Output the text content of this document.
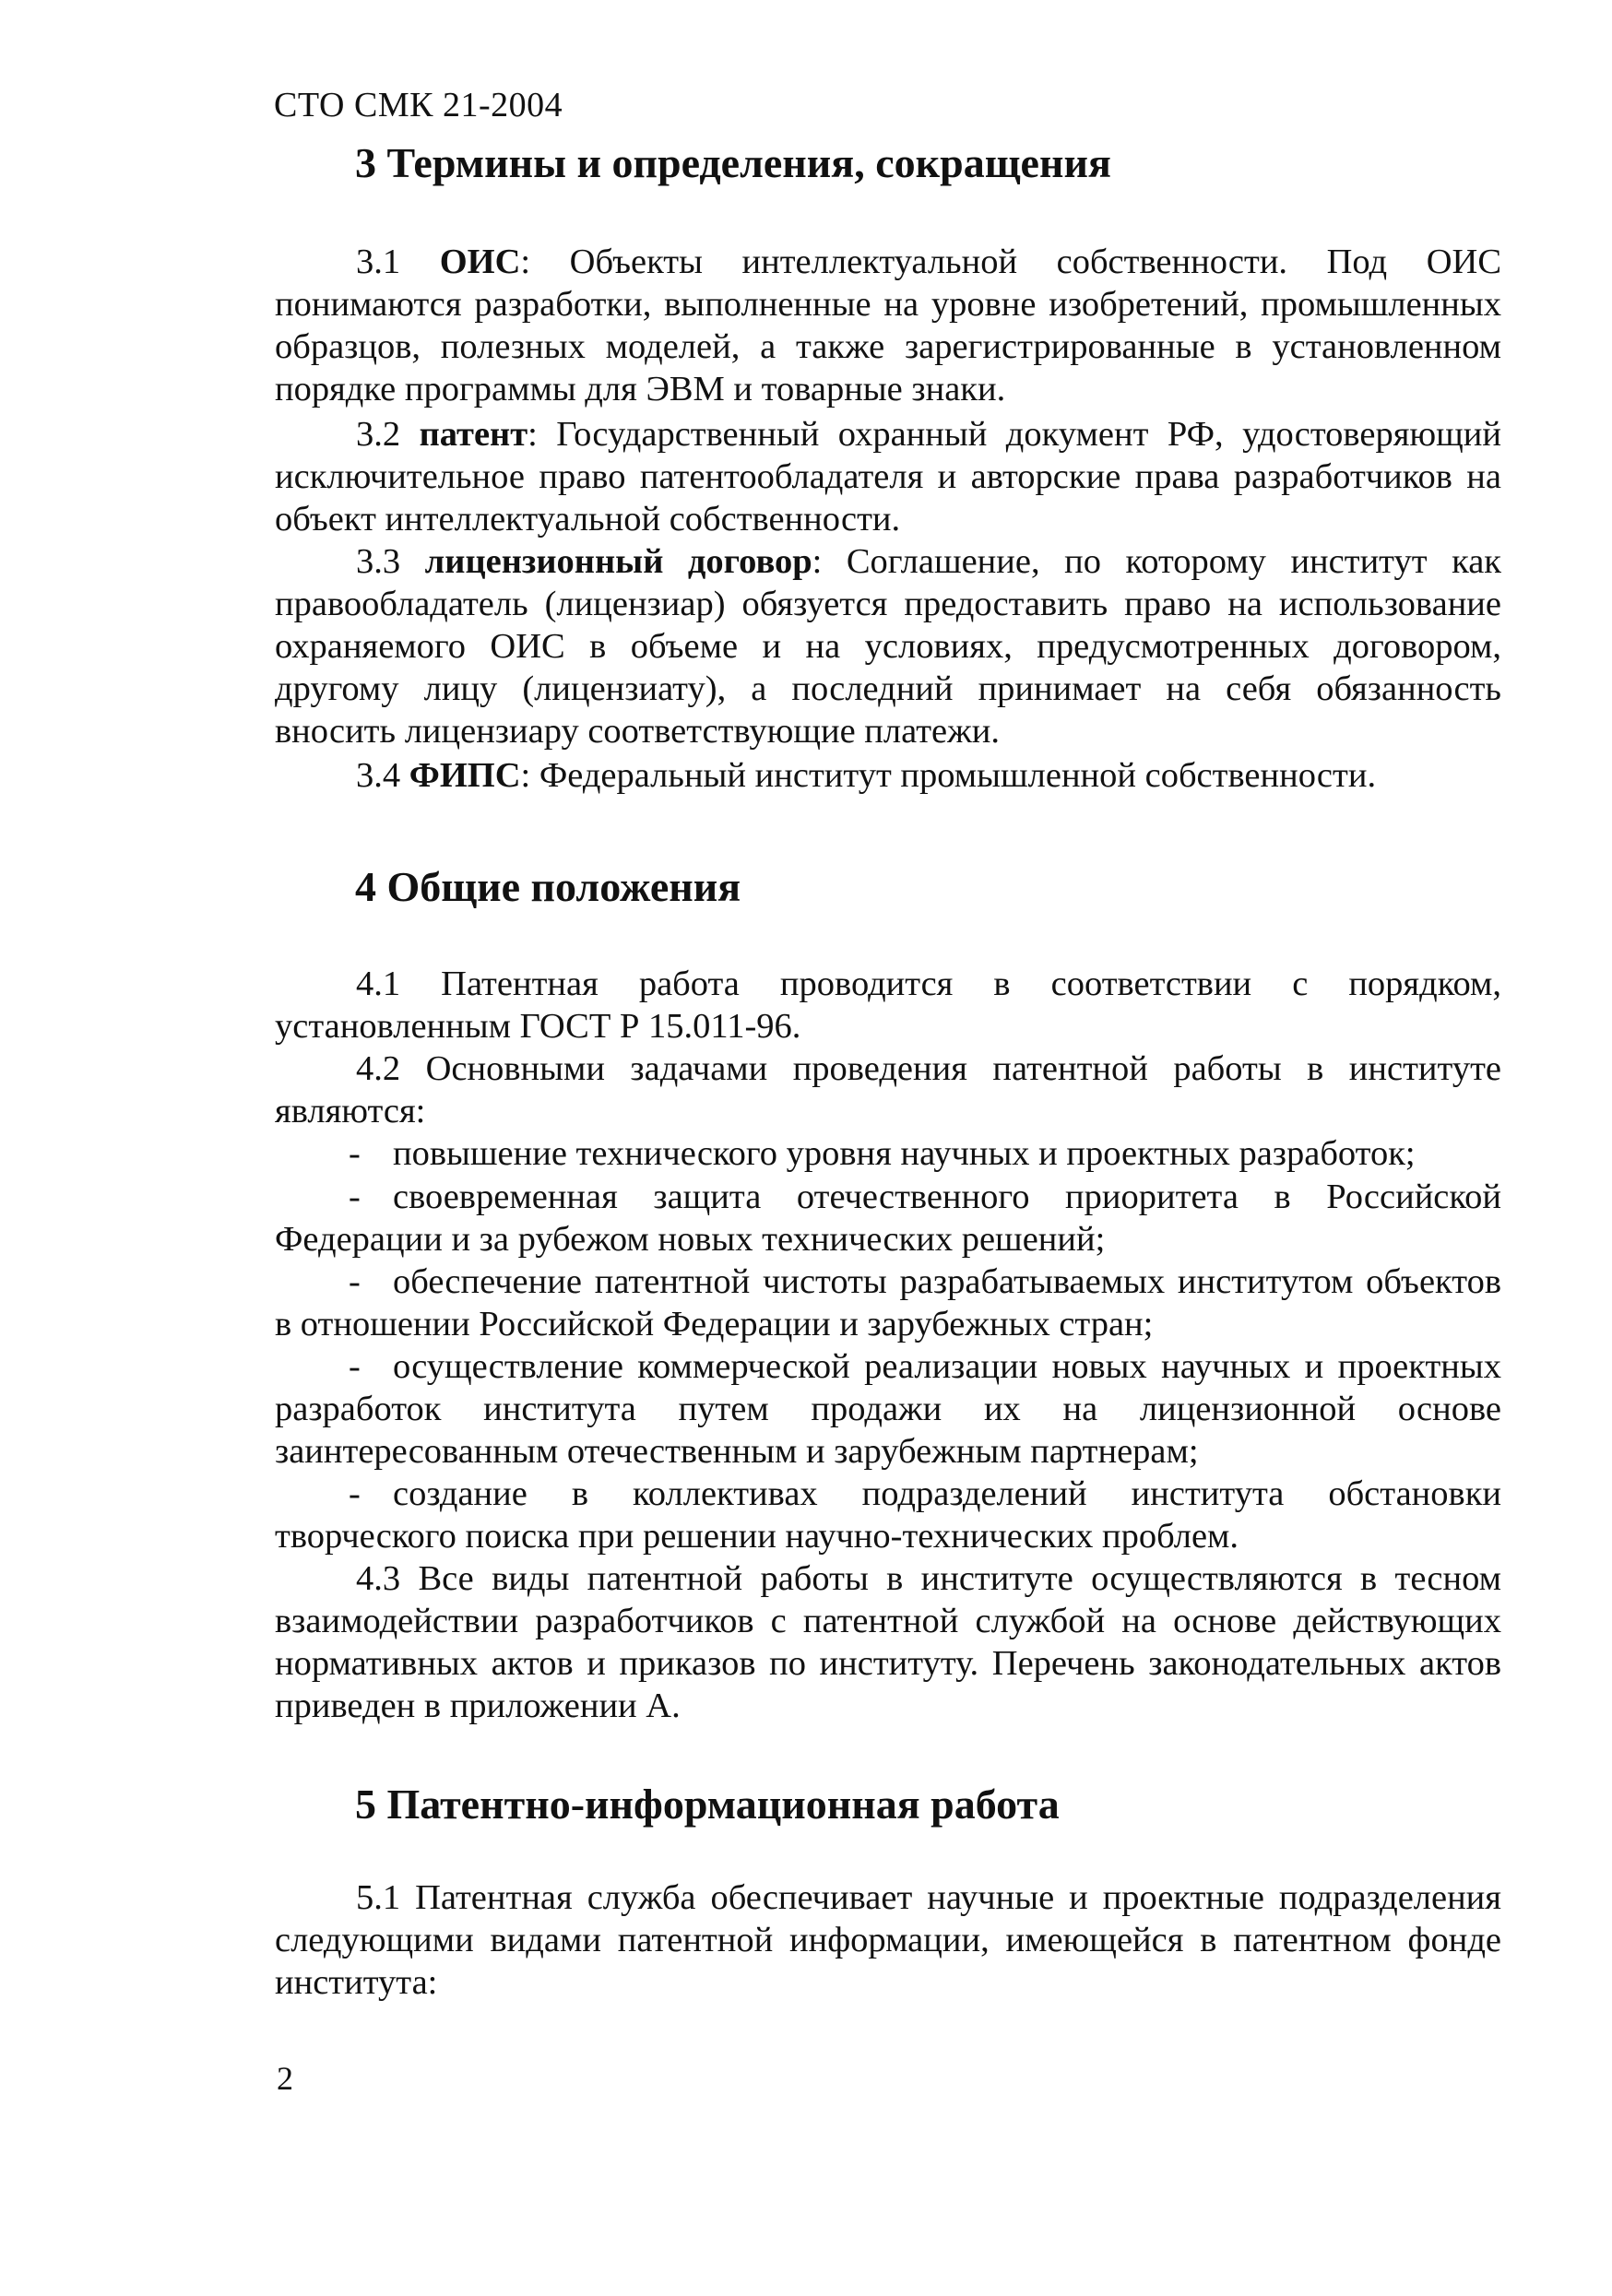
СТО СМК 21-2004
3 Термины и определения, сокращения

3.1 ОИС: Объекты интеллектуальной собственности. Под ОИС понимаются разработки, выполненные на уровне изобретений, промышленных образцов, полезных моделей, а также зарегистрированные в установленном порядке программы для ЭВМ и товарные знаки.

3.2 патент: Государственный охранный документ РФ, удостоверяющий исключительное право патентообладателя и авторские права разработчиков на объект интеллектуальной собственности.

3.3 лицензионный договор: Соглашение, по которому институт как правообладатель (лицензиар) обязуется предоставить право на использование охраняемого ОИС в объеме и на условиях, предусмотренных договором, другому лицу (лицензиату), а последний принимает на себя обязанность вносить лицензиару соответствующие платежи.

3.4 ФИПС: Федеральный институт промышленной собственности.

4 Общие положения

4.1 Патентная работа проводится в соответствии с порядком, установленным ГОСТ Р 15.011-96.

4.2 Основными задачами проведения патентной работы в институте являются:

- повышение технического уровня научных и проектных разработок;

- своевременная защита отечественного приоритета в Российской Федерации и за рубежом новых технических решений;

- обеспечение патентной чистоты разрабатываемых институтом объектов в отношении Российской Федерации и зарубежных стран;

- осуществление коммерческой реализации новых научных и проектных разработок института путем продажи их на лицензионной основе заинтересованным отечественным и зарубежным партнерам;

- создание в коллективах подразделений института обстановки творческого поиска при решении научно-технических проблем.

4.3 Все виды патентной работы в институте осуществляются в тесном взаимодействии разработчиков с патентной службой на основе действующих нормативных актов и приказов по институту. Перечень законодательных актов приведен в приложении А.

5 Патентно-информационная работа

5.1 Патентная служба обеспечивает научные и проектные подразделения следующими видами патентной информации, имеющейся в патентном фонде института:

2
